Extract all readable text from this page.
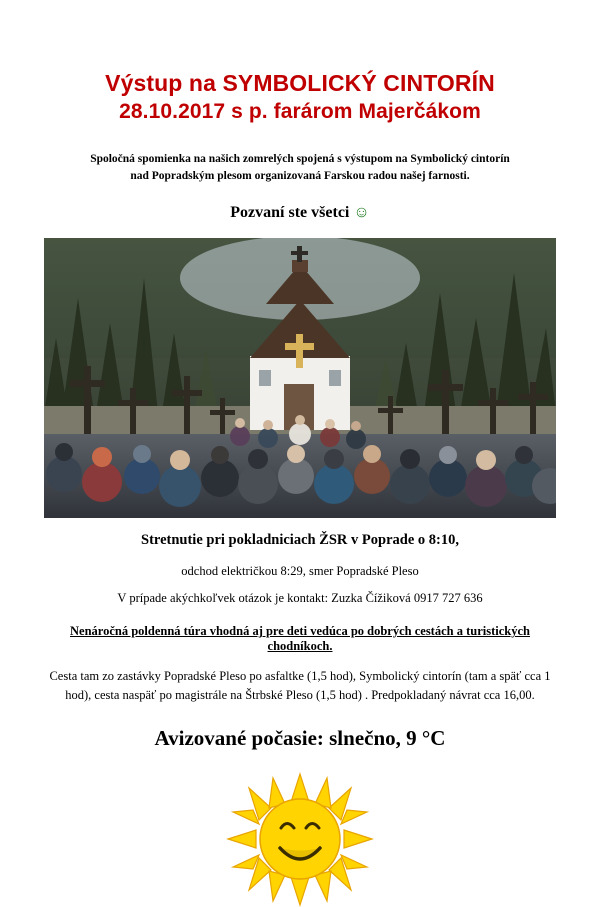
Výstup na SYMBOLICKÝ CINTORÍN
28.10.2017 s p. farárom Majerčákom

Spoločná spomienka na našich zomrelých spojená s výstupom na Symbolický cintorín nad Popradským plesom organizovaná Farskou radou našej farnosti.

Pozvaní ste všetci ☺

Stretnutie pri pokladniciach ŽSR v Poprade o 8:10,

odchod električkou 8:29, smer Popradské Pleso

V prípade akýchkoľvek otázok je kontakt: Zuzka Čížiková 0917 727 636

Nenáročná poldenná túra vhodná aj pre deti vedúca po dobrých cestách a turistických chodníkoch.

Cesta tam zo zastávky Popradské Pleso po asfaltke (1,5 hod), Symbolický cintorín (tam a späť cca 1 hod), cesta naspäť po magistrále na Štrbské Pleso (1,5 hod) . Predpokladaný návrat cca 16,00.

Avizované počasie: slnečno, 9 °C
